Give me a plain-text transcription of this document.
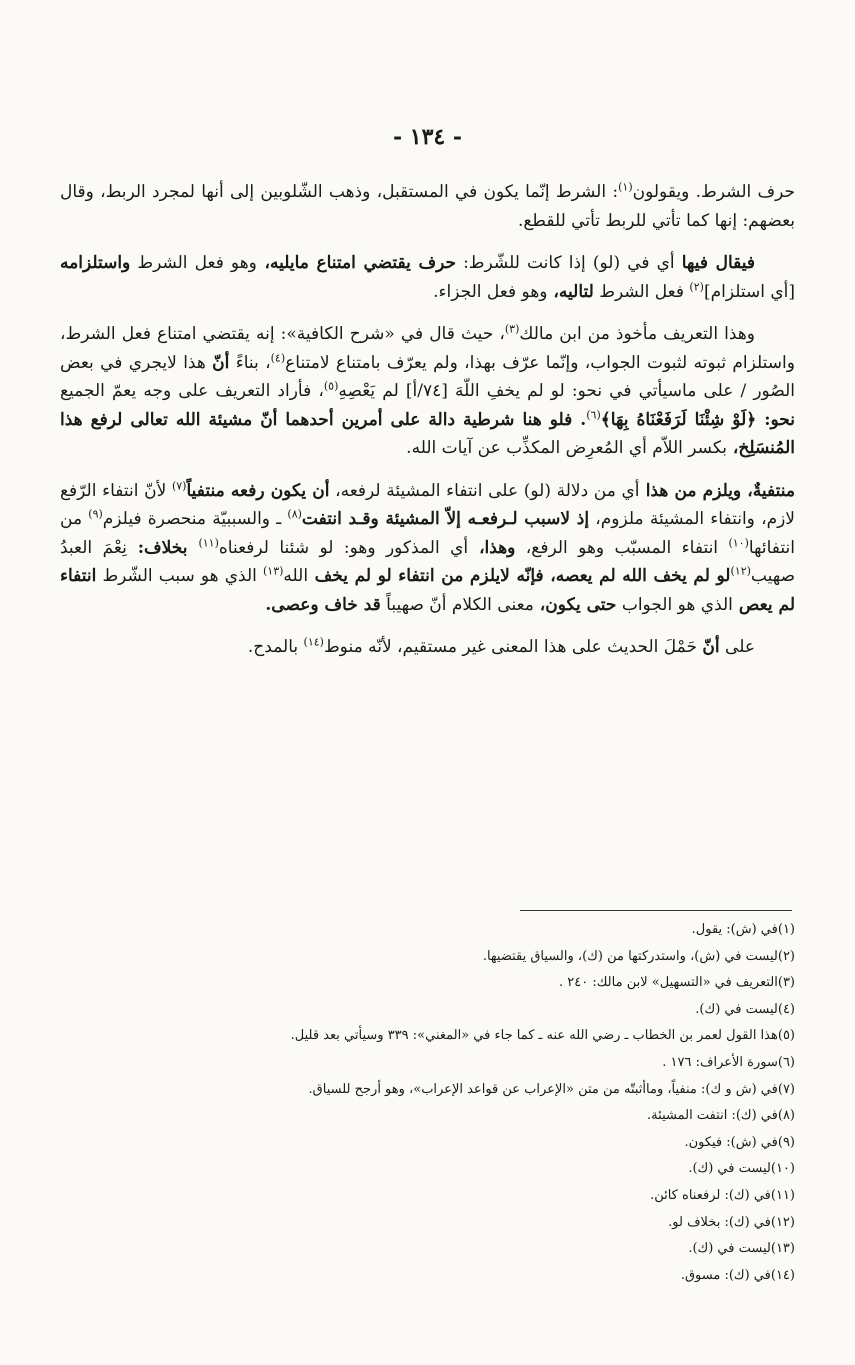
- ١٣٤ -

حرف الشرط. ويقولون$^{(١)}$: الشرط إنّما يكون في المستقبل، وذهب الشّلوبين إلى أنها لمجرد الربط، وقال بعضهم: إنها كما تأتي للربط تأتي للقطع.

فيقال فيها أي في (لو) إذا كانت للشّرط: حرف يقتضي امتناع مايليه، وهو فعل الشرط واستلزامه [أي استلزام]$^{(٢)}$ فعل الشرط لتاليه، وهو فعل الجزاء.

وهذا التعريف مأخوذ من ابن مالك$^{(٣)}$، حيث قال في «شرح الكافية»: إنه يقتضي امتناع فعل الشرط، واستلزام ثبوته لثبوت الجواب، وإنّما عرّف بهذا، ولم يعرّف بامتناع لامتناع$^{(٤)}$، بناءً أنّ هذا لايجري في بعض الصُور / على ماسيأتي في نحو: لو لم يخفِ اللّهَ [٧٤/أ] لم يَعْصِهِ$^{(٥)}$، فأراد التعريف على وجه يعمّ الجميع نحو: ﴿لَوْ شِئْنَا لَرَفَعْنَاهُ بِهَا﴾$^{(٦)}$. فلو هنا شرطية دالة على أمرين أحدهما أنّ مشيئة الله تعالى لرفع هذا المُنسَلِخ، بكسر اللاّم أي المُعرِض المكذِّب عن آيات الله.

منتفيةٌ، ويلزم من هذا أي من دلالة (لو) على انتفاء المشيئة لرفعه، أن يكون رفعه منتفياً$^{(٧)}$ لأنّ انتفاء الرّفع لازم، وانتفاء المشيئة ملزوم، إذ لاسبب لـرفعـه إلاّ المشيئة وقـد انتفت$^{(٨)}$ ـ والسببيّة منحصرة فيلزم$^{(٩)}$ من انتفائها$^{(١٠)}$ انتفاء المسبّب وهو الرفع، وهذا، أي المذكور وهو: لو شئنا لرفعناه$^{(١١)}$ بخلاف: نِعْمَ العبدُ صهيب$^{(١٢)}$لو لم يخف الله لم يعصه، فإنّه لايلزم من انتفاء لو لم يخف الله$^{(١٣)}$ الذي هو سبب الشّرط انتفاء لم يعص الذي هو الجواب حتى يكون، معنى الكلام أنّ صهيباً قد خاف وعصى.

على أنّ حَمْلَ الحديث على هذا المعنى غير مستقيم، لأنّه منوط$^{(١٤)}$ بالمدح.

(١)في (ش): يقول.
(٢)ليست في (ش)، واستدركتها من (ك)، والسياق يقتضيها.
(٣)التعريف في «التسهيل» لابن مالك: ٢٤٠ .
(٤)ليست في (ك).
(٥)هذا القول لعمر بن الخطاب ـ رضي الله عنه ـ كما جاء في «المغني»: ٣٣٩ وسيأتي بعد قليل.
(٦)سورة الأعراف: ١٧٦ .
(٧)في (ش و ك): منفياً، وماأثبتّه من متن «الإعراب عن قواعد الإعراب»، وهو أرجح للسياق.
(٨)في (ك): انتفت المشيئة.
(٩)في (ش): فيكون.
(١٠)ليست في (ك).
(١١)في (ك): لرفعناه كائن.
(١٢)في (ك): بخلاف لو.
(١٣)ليست في (ك).
(١٤)في (ك): مسوق.
